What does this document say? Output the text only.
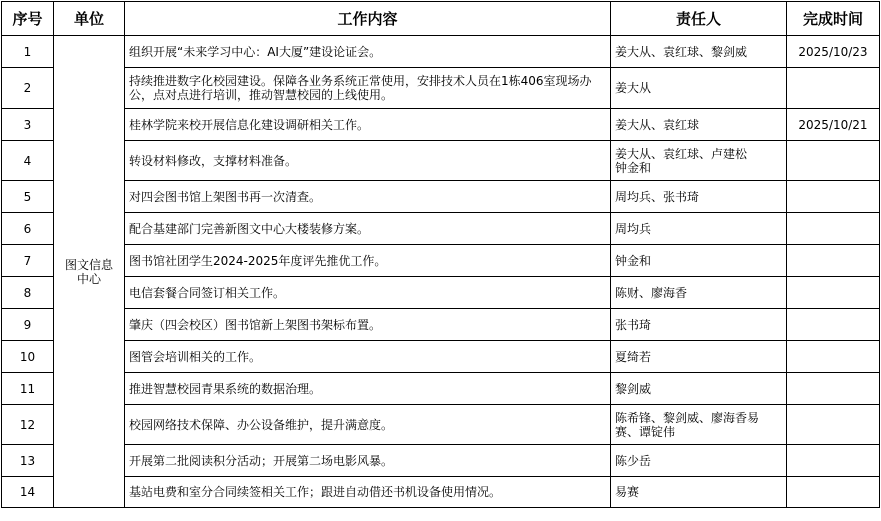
序号	单位	工作内容	责任人	完成时间
1	图文信息中心	组织开展“未来学习中心：AI大厦”建设论证会。	姜大从、袁红球、黎剑威	2025/10/23
2		持续推进数字化校园建设。保障各业务系统正常使用，安排技术人员在1栋406室现场办公，点对点进行培训，推动智慧校园的上线使用。	姜大从	
3		桂林学院来校开展信息化建设调研相关工作。	姜大从、袁红球	2025/10/21
4		转设材料修改，支撑材料准备。	姜大从、袁红球、卢建松钟金和	
5		对四会图书馆上架图书再一次清查。	周均兵、张书琦	
6		配合基建部门完善新图文中心大楼装修方案。	周均兵	
7		图书馆社团学生2024-2025年度评先推优工作。	钟金和	
8		电信套餐合同签订相关工作。	陈财、廖海香	
9		肇庆（四会校区）图书馆新上架图书架标布置。	张书琦	
10		图管会培训相关的工作。	夏绮若	
11		推进智慧校园青果系统的数据治理。	黎剑威	
12		校园网络技术保障、办公设备维护，提升满意度。	陈希锋、黎剑威、廖海香易赛、谭锭伟	
13		开展第二批阅读积分活动；开展第二场电影风暴。	陈少岳	
14		基站电费和室分合同续签相关工作；跟进自动借还书机设备使用情况。	易赛	
